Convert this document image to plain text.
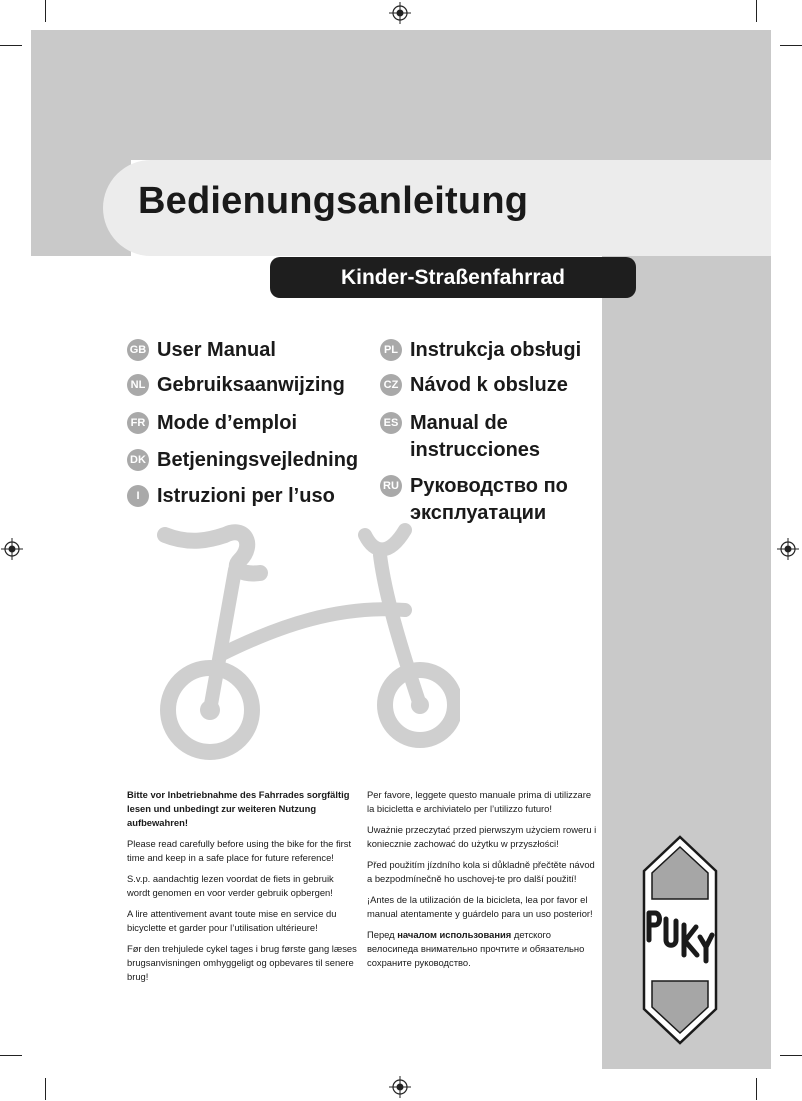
Bedienungsanleitung
Kinder-Straßenfahrrad
GB User Manual
NL Gebruiksaanwijzing
FR Mode d’emploi
DK Betjeningsvejledning
I Istruzioni per l’uso
PL Instrukcja obsługi
CZ Návod k obsluze
ES Manual de instrucciones
RU Руководство по эксплуатации

Bitte vor Inbetriebnahme des Fahrrades sorgfältig lesen und unbedingt zur weiteren Nutzung aufbewahren!

Please read carefully before using the bike for the first time and keep in a safe place for future reference!

S.v.p. aandachtig lezen voordat de fiets in gebruik wordt genomen en voor verder gebruik opbergen!

A lire attentivement avant toute mise en service du bicyclette et garder pour l’utilisation ultérieure!

Før den trehjulede cykel tages i brug første gang læses brugsanvisningen omhyggeligt og opbevares til senere brug!

Per favore, leggete questo manuale prima di utilizzare la bicicletta e archiviatelo per l’utilizzo futuro!

Uważnie przeczytać przed pierwszym użyciem roweru i koniecznie zachować do użytku w przyszłości!

Před použitím jízdního kola si důkladně přečtěte návod a bezpodmínečně ho uschovej-te pro další použití!

¡Antes de la utilización de la bicicleta, lea por favor el manual atentamente y guárdelo para un uso posterior!

Перед началом использования детского велосипеда внимательно прочтите и обязательно сохраните руководство.
